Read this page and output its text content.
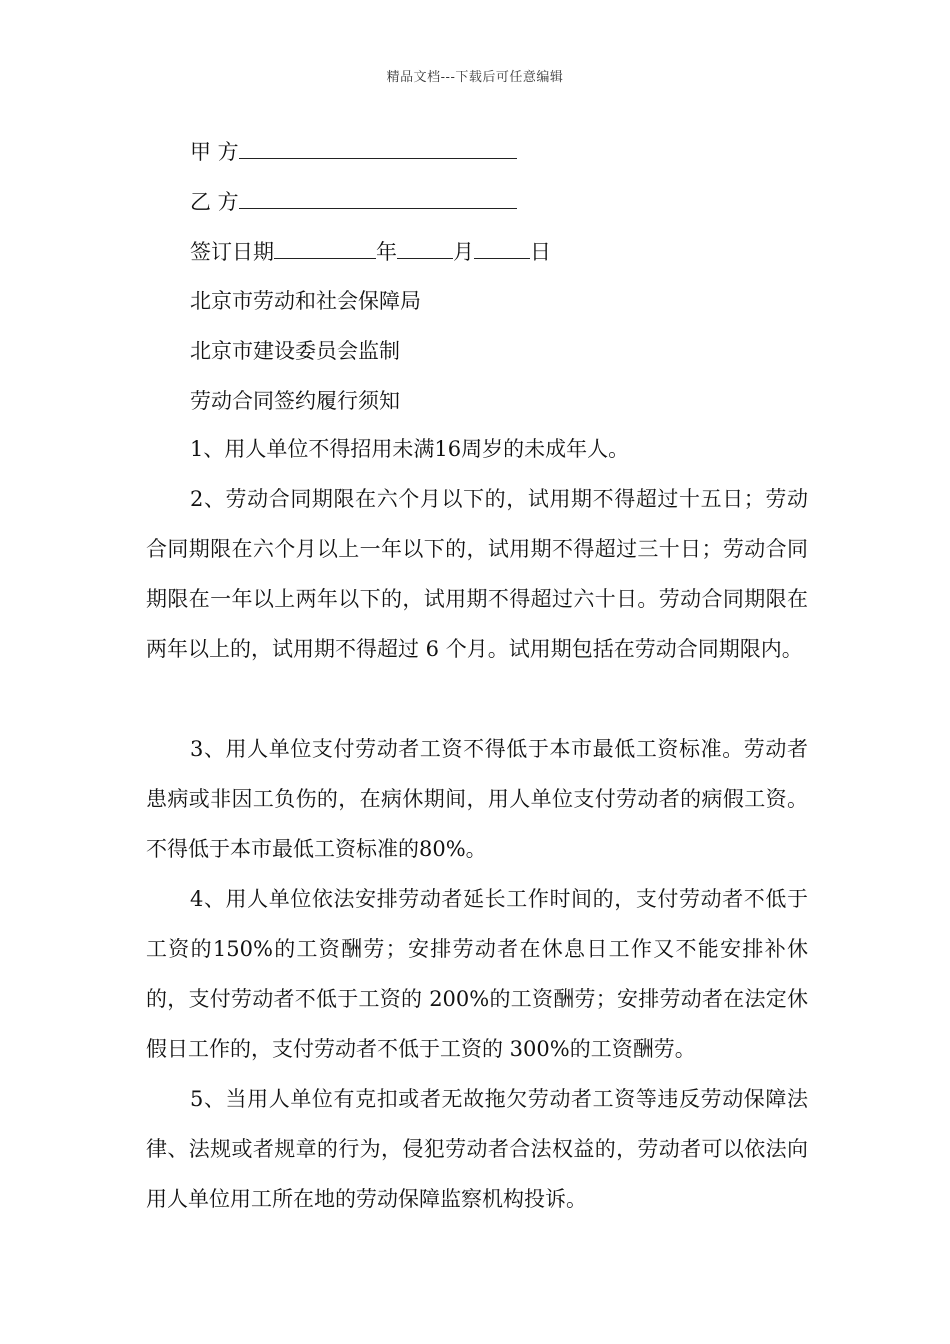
精品文档---下载后可任意编辑
甲 方
乙 方
签订日期	年	月	日
北京市劳动和社会保障局
北京市建设委员会监制
劳动合同签约履行须知

1、用人单位不得招用未满16周岁的未成年人。

2、劳动合同期限在六个月以下的，试用期不得超过十五日；劳动合同期限在六个月以上一年以下的，试用期不得超过三十日；劳动合同期限在一年以上两年以下的，试用期不得超过六十日。劳动合同期限在两年以上的，试用期不得超过 6 个月。试用期包括在劳动合同期限内。

3、用人单位支付劳动者工资不得低于本市最低工资标准。劳动者患病或非因工负伤的，在病休期间，用人单位支付劳动者的病假工资。不得低于本市最低工资标准的80%。

4、用人单位依法安排劳动者延长工作时间的，支付劳动者不低于工资的150%的工资酬劳；安排劳动者在休息日工作又不能安排补休的，支付劳动者不低于工资的 200%的工资酬劳；安排劳动者在法定休假日工作的，支付劳动者不低于工资的 300%的工资酬劳。

5、当用人单位有克扣或者无故拖欠劳动者工资等违反劳动保障法律、法规或者规章的行为，侵犯劳动者合法权益的，劳动者可以依法向用人单位用工所在地的劳动保障监察机构投诉。
